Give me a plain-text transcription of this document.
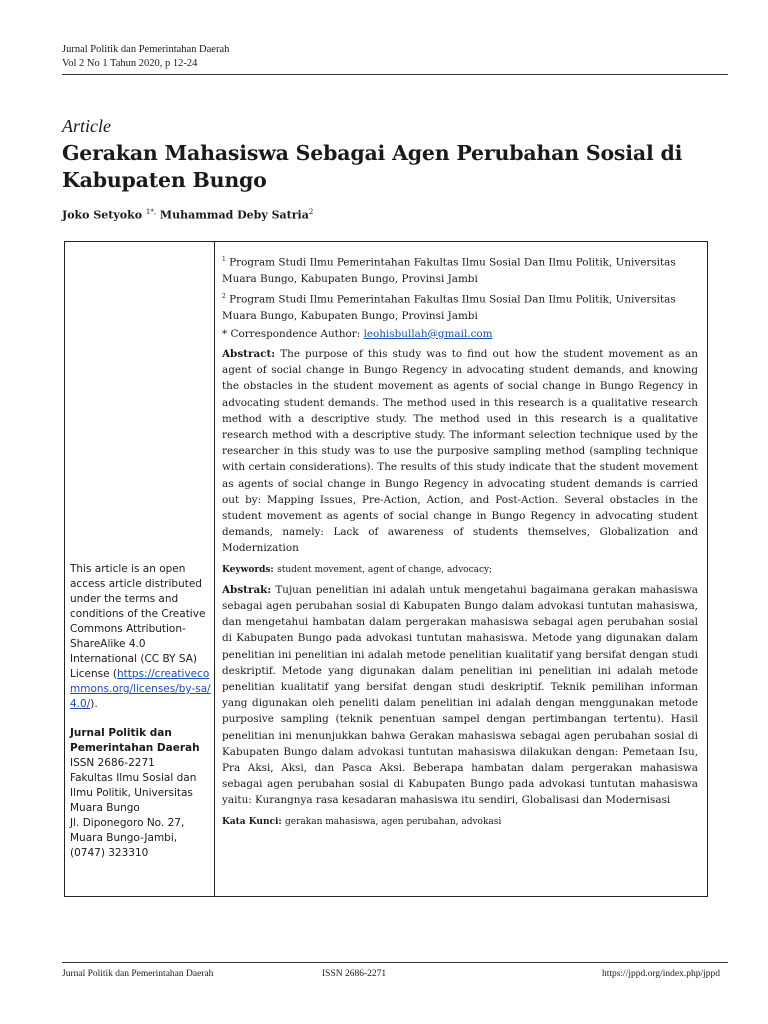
Jurnal Politik dan Pemerintahan Daerah
Vol 2 No 1 Tahun 2020, p 12-24
Article
Gerakan Mahasiswa Sebagai Agen Perubahan Sosial di Kabupaten Bungo
Joko Setyoko $^{1*,}$ Muhammad Deby Satria$^2$
This article is an open access article distributed under the terms and conditions of the Creative Commons Attribution-ShareAlike 4.0 International (CC BY SA) License (https://creativecommons.org/licenses/by-sa/4.0/).
Jurnal Politik dan Pemerintahan Daerah
ISSN 2686-2271
Fakultas Ilmu Sosial dan Ilmu Politik, Universitas Muara Bungo
Jl. Diponegoro No. 27, Muara Bungo-Jambi, (0747) 323310

$^1$ Program Studi Ilmu Pemerintahan Fakultas Ilmu Sosial Dan Ilmu Politik, Universitas Muara Bungo, Kabupaten Bungo, Provinsi Jambi

$^2$ Program Studi Ilmu Pemerintahan Fakultas Ilmu Sosial Dan Ilmu Politik, Universitas Muara Bungo, Kabupaten Bungo, Provinsi Jambi

* Correspondence Author: leohisbullah@gmail.com

Abstract: The purpose of this study was to find out how the student movement as an agent of social change in Bungo Regency in advocating student demands, and knowing the obstacles in the student movement as agents of social change in Bungo Regency in advocating student demands. The method used in this research is a qualitative research method with a descriptive study. The method used in this research is a qualitative research method with a descriptive study. The informant selection technique used by the researcher in this study was to use the purposive sampling method (sampling technique with certain considerations). The results of this study indicate that the student movement as agents of social change in Bungo Regency in advocating student demands is carried out by: Mapping Issues, Pre-Action, Action, and Post-Action. Several obstacles in the student movement as agents of social change in Bungo Regency in advocating student demands, namely: Lack of awareness of students themselves, Globalization and Modernization

Keywords: student movement, agent of change, advocacy;

Abstrak: Tujuan penelitian ini adalah untuk mengetahui bagaimana gerakan mahasiswa sebagai agen perubahan sosial di Kabupaten Bungo dalam advokasi tuntutan mahasiswa, dan mengetahui hambatan dalam pergerakan mahasiswa sebagai agen perubahan sosial di Kabupaten Bungo pada advokasi tuntutan mahasiswa. Metode yang digunakan dalam penelitian ini penelitian ini adalah metode penelitian kualitatif yang bersifat dengan studi deskriptif. Metode yang digunakan dalam penelitian ini penelitian ini adalah metode penelitian kualitatif yang bersifat dengan studi deskriptif. Teknik pemilihan informan yang digunakan oleh peneliti dalam penelitian ini adalah dengan menggunakan metode purposive sampling (teknik penentuan sampel dengan pertimbangan tertentu). Hasil penelitian ini menunjukkan bahwa Gerakan mahasiswa sebagai agen perubahan sosial di Kabupaten Bungo dalam advokasi tuntutan mahasiswa dilakukan dengan: Pemetaan Isu, Pra Aksi, Aksi, dan Pasca Aksi. Beberapa hambatan dalam pergerakan mahasiswa sebagai agen perubahan sosial di Kabupaten Bungo pada advokasi tuntutan mahasiswa yaitu: Kurangnya rasa kesadaran mahasiswa itu sendiri, Globalisasi dan Modernisasi

Kata Kunci: gerakan mahasiswa, agen perubahan, advokasi

Jurnal Politik dan Pemerintahan Daerah	ISSN 2686-2271	https://jppd.org/index.php/jppd
